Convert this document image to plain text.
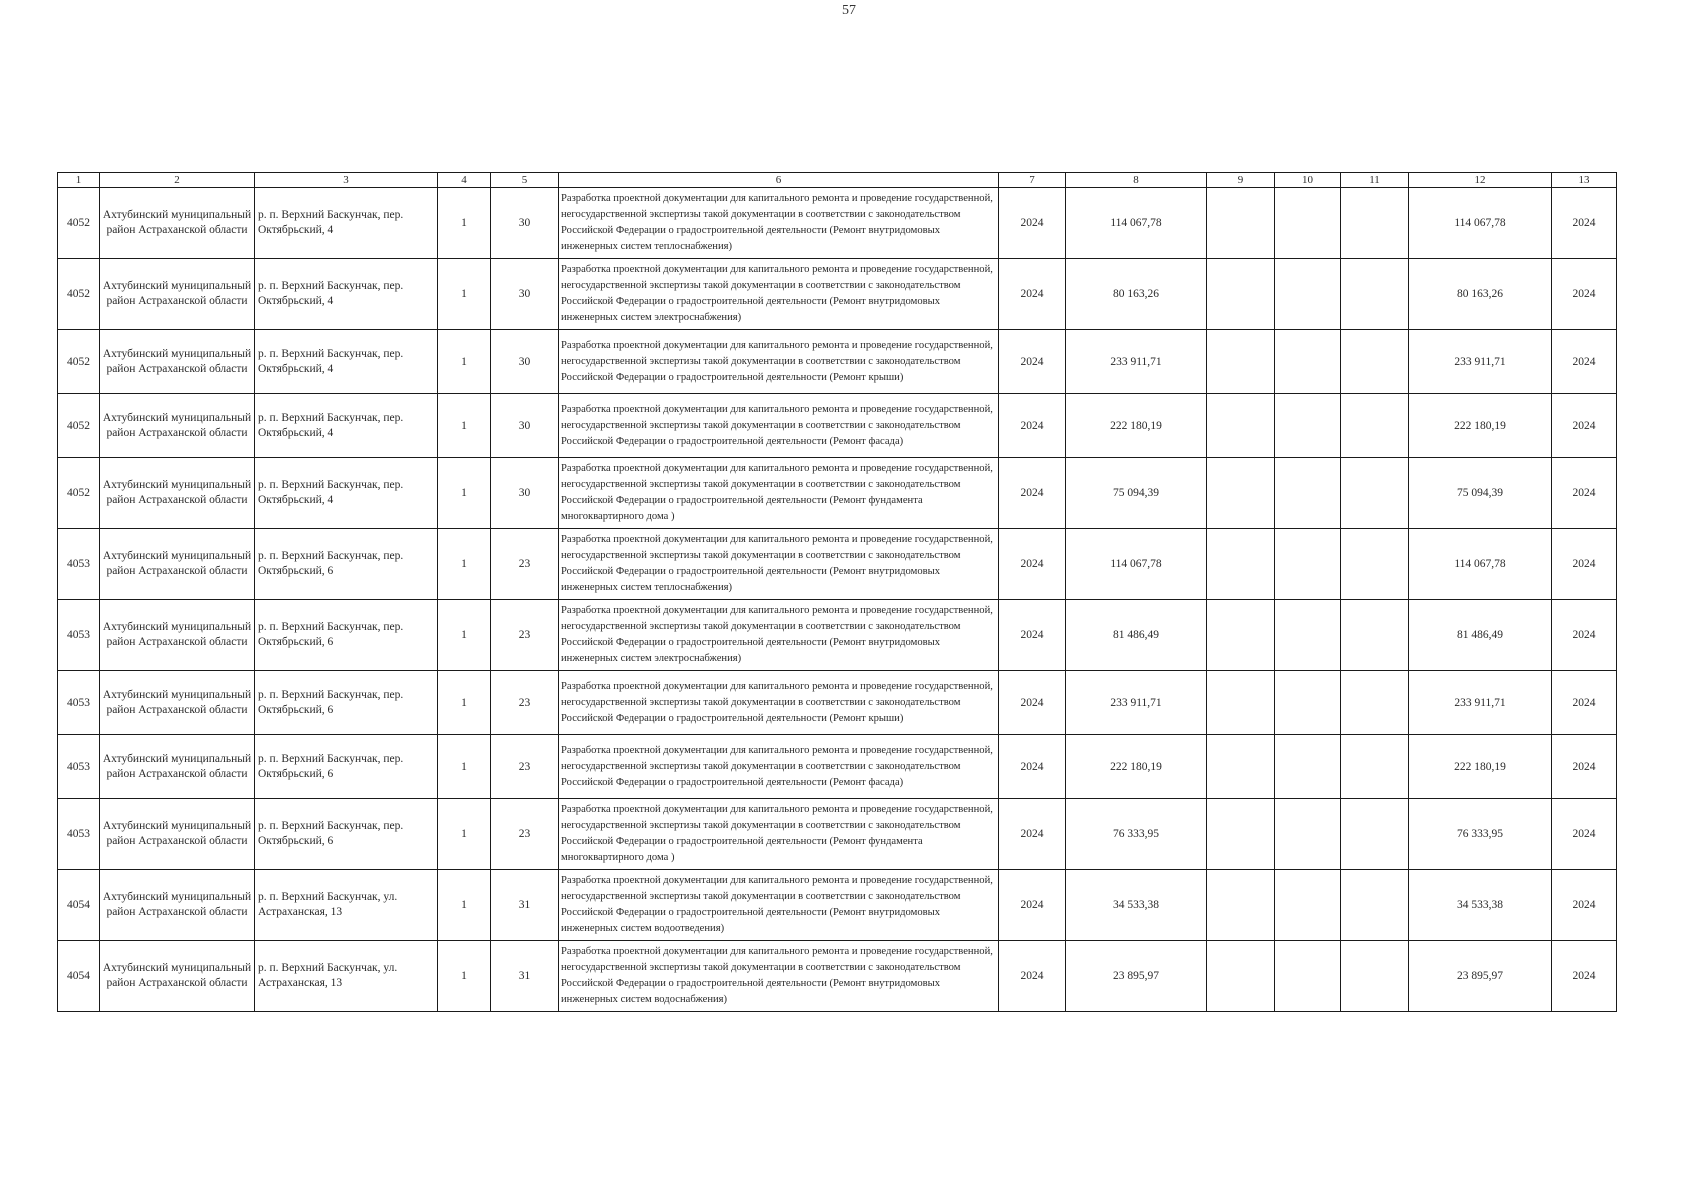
57
1	2	3	4	5	6	7	8	9	10	11	12	13
4052	Ахтубинский муниципальный район Астраханской области	р. п. Верхний Баскунчак, пер. Октябрьский, 4	1	30	Разработка проектной документации для капитального ремонта и проведение государственной, негосударственной экспертизы такой документации в соответствии с законодательством Российской Федерации о градостроительной деятельности (Ремонт внутридомовых инженерных систем теплоснабжения)	2024	114 067,78				114 067,78	2024
4052	Ахтубинский муниципальный район Астраханской области	р. п. Верхний Баскунчак, пер. Октябрьский, 4	1	30	Разработка проектной документации для капитального ремонта и проведение государственной, негосударственной экспертизы такой документации в соответствии с законодательством Российской Федерации о градостроительной деятельности (Ремонт внутридомовых инженерных систем электроснабжения)	2024	80 163,26				80 163,26	2024
4052	Ахтубинский муниципальный район Астраханской области	р. п. Верхний Баскунчак, пер. Октябрьский, 4	1	30	Разработка проектной документации для капитального ремонта и проведение государственной, негосударственной экспертизы такой документации в соответствии с законодательством Российской Федерации о градостроительной деятельности (Ремонт крыши)	2024	233 911,71				233 911,71	2024
4052	Ахтубинский муниципальный район Астраханской области	р. п. Верхний Баскунчак, пер. Октябрьский, 4	1	30	Разработка проектной документации для капитального ремонта и проведение государственной, негосударственной экспертизы такой документации в соответствии с законодательством Российской Федерации о градостроительной деятельности (Ремонт фасада)	2024	222 180,19				222 180,19	2024
4052	Ахтубинский муниципальный район Астраханской области	р. п. Верхний Баскунчак, пер. Октябрьский, 4	1	30	Разработка проектной документации для капитального ремонта и проведение государственной, негосударственной экспертизы такой документации в соответствии с законодательством Российской Федерации о градостроительной деятельности (Ремонт фундамента многоквартирного дома )	2024	75 094,39				75 094,39	2024
4053	Ахтубинский муниципальный район Астраханской области	р. п. Верхний Баскунчак, пер. Октябрьский, 6	1	23	Разработка проектной документации для капитального ремонта и проведение государственной, негосударственной экспертизы такой документации в соответствии с законодательством Российской Федерации о градостроительной деятельности (Ремонт внутридомовых инженерных систем теплоснабжения)	2024	114 067,78				114 067,78	2024
4053	Ахтубинский муниципальный район Астраханской области	р. п. Верхний Баскунчак, пер. Октябрьский, 6	1	23	Разработка проектной документации для капитального ремонта и проведение государственной, негосударственной экспертизы такой документации в соответствии с законодательством Российской Федерации о градостроительной деятельности (Ремонт внутридомовых инженерных систем электроснабжения)	2024	81 486,49				81 486,49	2024
4053	Ахтубинский муниципальный район Астраханской области	р. п. Верхний Баскунчак, пер. Октябрьский, 6	1	23	Разработка проектной документации для капитального ремонта и проведение государственной, негосударственной экспертизы такой документации в соответствии с законодательством Российской Федерации о градостроительной деятельности (Ремонт крыши)	2024	233 911,71				233 911,71	2024
4053	Ахтубинский муниципальный район Астраханской области	р. п. Верхний Баскунчак, пер. Октябрьский, 6	1	23	Разработка проектной документации для капитального ремонта и проведение государственной, негосударственной экспертизы такой документации в соответствии с законодательством Российской Федерации о градостроительной деятельности (Ремонт фасада)	2024	222 180,19				222 180,19	2024
4053	Ахтубинский муниципальный район Астраханской области	р. п. Верхний Баскунчак, пер. Октябрьский, 6	1	23	Разработка проектной документации для капитального ремонта и проведение государственной, негосударственной экспертизы такой документации в соответствии с законодательством Российской Федерации о градостроительной деятельности (Ремонт фундамента многоквартирного дома )	2024	76 333,95				76 333,95	2024
4054	Ахтубинский муниципальный район Астраханской области	р. п. Верхний Баскунчак, ул. Астраханская, 13	1	31	Разработка проектной документации для капитального ремонта и проведение государственной, негосударственной экспертизы такой документации в соответствии с законодательством Российской Федерации о градостроительной деятельности (Ремонт внутридомовых инженерных систем водоотведения)	2024	34 533,38				34 533,38	2024
4054	Ахтубинский муниципальный район Астраханской области	р. п. Верхний Баскунчак, ул. Астраханская, 13	1	31	Разработка проектной документации для капитального ремонта и проведение государственной, негосударственной экспертизы такой документации в соответствии с законодательством Российской Федерации о градостроительной деятельности (Ремонт внутридомовых инженерных систем водоснабжения)	2024	23 895,97				23 895,97	2024
